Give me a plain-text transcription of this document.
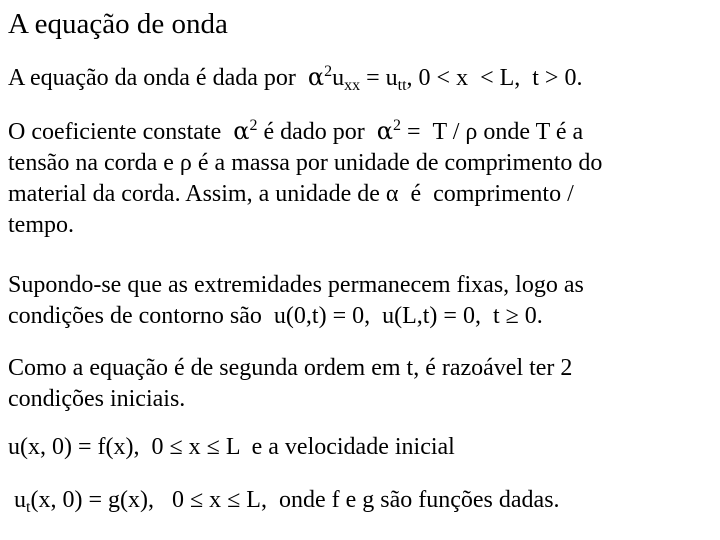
A equação de onda
A equação da onda é dada por $\alpha^2u_{xx} = u_{tt}$, 0 < x  < L,  t > 0.
O coeficiente constate $\alpha^2$ é dado por $\alpha^2 = T / \rho$ onde T é a
tensão na corda e ρ é a massa por unidade de comprimento do
material da corda. Assim, a unidade de α  é  comprimento /
tempo.
Supondo-se que as extremidades permanecem fixas, logo as
condições de contorno são  u(0,t) = 0,  u(L,t) = 0,  t ≥ 0.
Como a equação é de segunda ordem em t, é razoável ter 2
condições iniciais.
u(x, 0) = f(x),  0 ≤ x ≤ L  e a velocidade inicial
$u_t(x$, 0) = g(x),   0 ≤ x ≤ L,  onde f e g são funções dadas.
